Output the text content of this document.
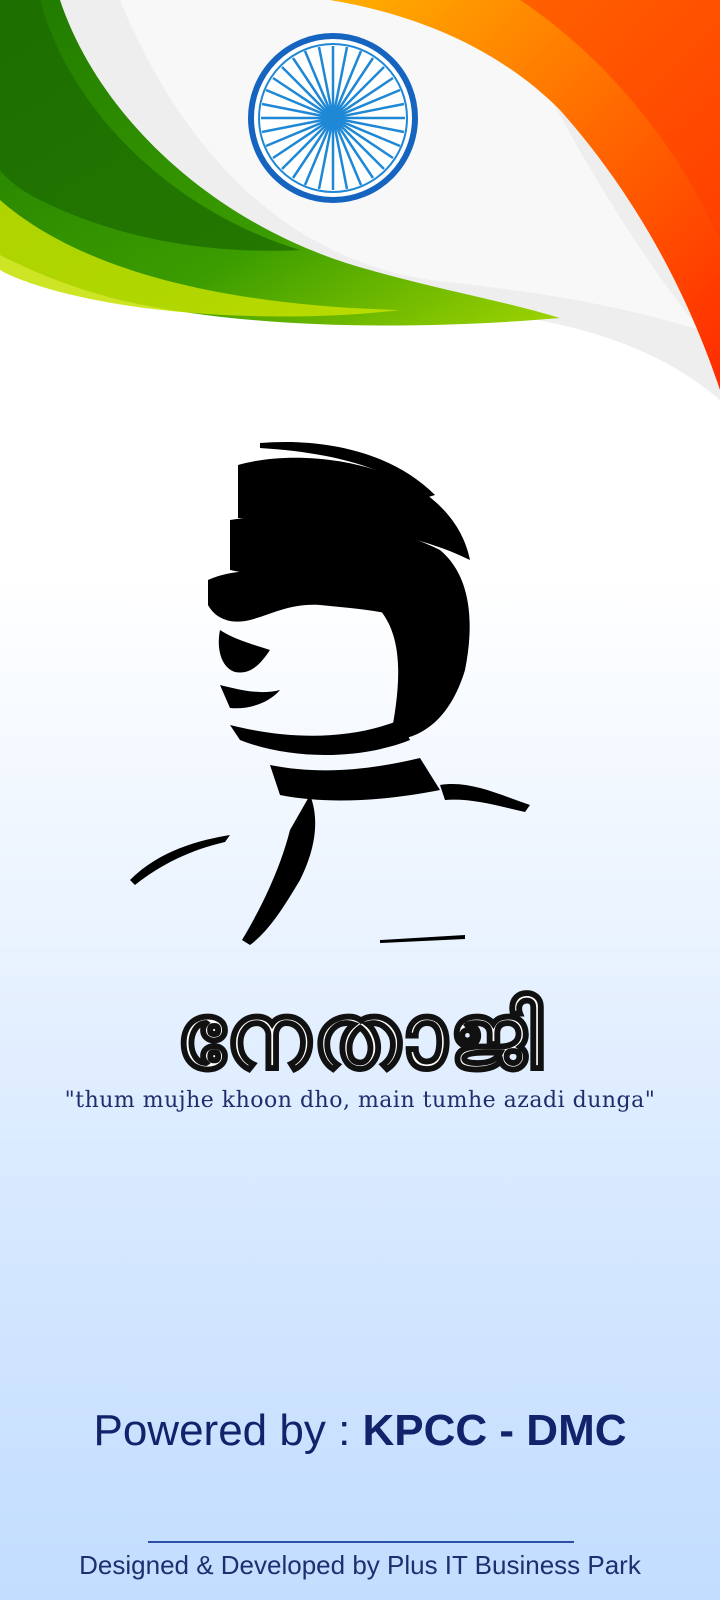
നേതാജി
"thum mujhe khoon dho, main tumhe azadi dunga"
Powered by : KPCC - DMC
Designed & Developed by Plus IT Business Park
